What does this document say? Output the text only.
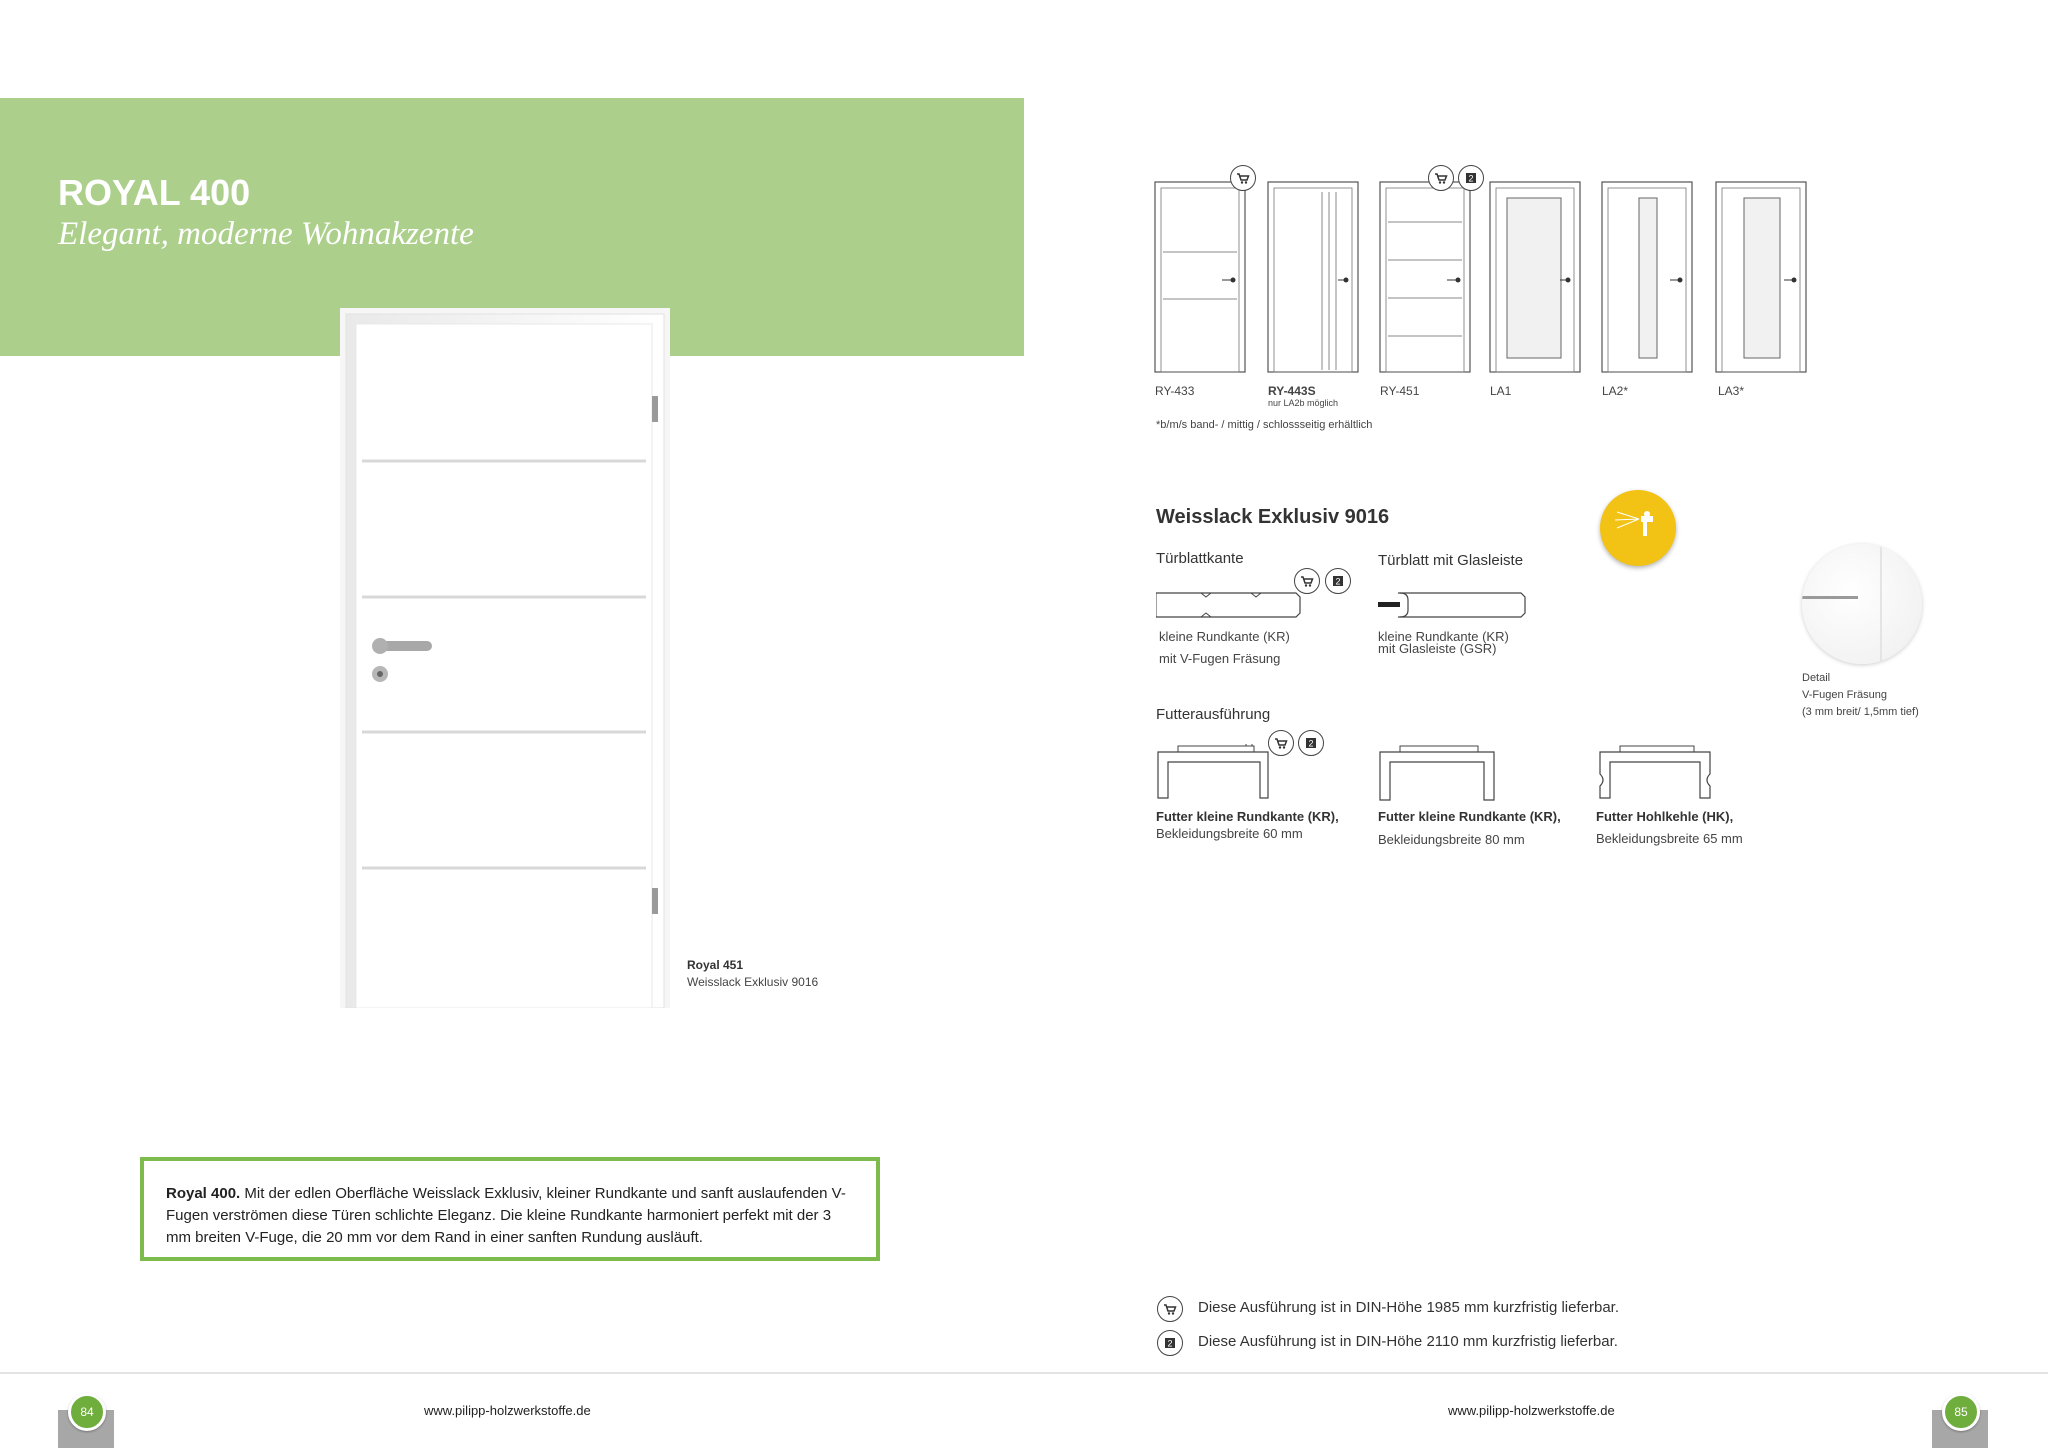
ROYAL 400
Elegant, moderne Wohnakzente
Royal 451
Weisslack Exklusiv 9016
Royal 400. Mit der edlen Oberfläche Weisslack Exklusiv, kleiner Rundkante und sanft auslaufenden V-Fugen verströmen diese Türen schlichte Eleganz. Die kleine Rundkante harmoniert perfekt mit der 3 mm breiten V-Fuge, die 20 mm vor dem Rand in einer sanften Rundung ausläuft.
2
RY-433	RY-443S
nur LA2b möglich
RY-451	LA1	LA2*	LA3*
*b/m/s band- / mittig / schlossseitig erhältlich
Weisslack Exklusiv 9016
Türblattkante
2
kleine Rundkante (KR)
mit V-Fugen Fräsung
Türblatt mit Glasleiste
kleine Rundkante (KR)
mit Glasleiste (GSR)
Detail
V-Fugen Fräsung
(3 mm breit/ 1,5mm tief)
Futterausführung
2
Futter kleine Rundkante (KR),
Bekleidungsbreite 60 mm
Futter kleine Rundkante (KR),
Bekleidungsbreite 80 mm
Futter Hohlkehle (HK),
Bekleidungsbreite 65 mm
Diese Ausführung ist in DIN-Höhe 1985 mm kurzfristig lieferbar.
2 Diese Ausführung ist in DIN-Höhe 2110 mm kurzfristig lieferbar.
84	www.pilipp-holzwerkstoffe.de	www.pilipp-holzwerkstoffe.de	85
